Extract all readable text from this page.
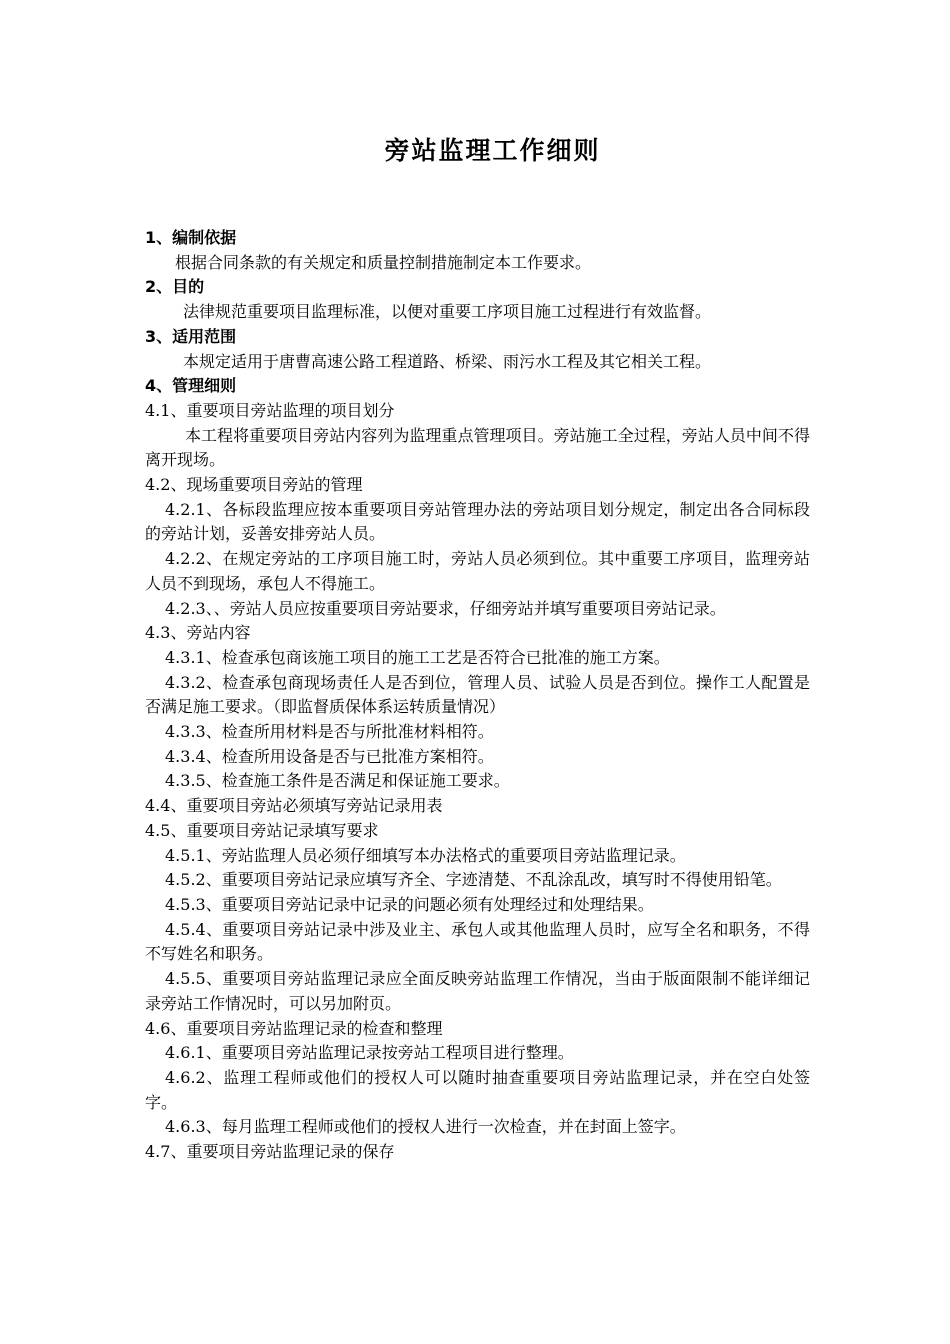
旁站监理工作细则

1、编制依据

根据合同条款的有关规定和质量控制措施制定本工作要求。

2、目的

法律规范重要项目监理标准，以便对重要工序项目施工过程进行有效监督。

3、适用范围

本规定适用于唐曹高速公路工程道路、桥梁、雨污水工程及其它相关工程。

4、管理细则

4.1、重要项目旁站监理的项目划分

本工程将重要项目旁站内容列为监理重点管理项目。旁站施工全过程，旁站人员中间不得离开现场。

4.2、现场重要项目旁站的管理

4.2.1、各标段监理应按本重要项目旁站管理办法的旁站项目划分规定，制定出各合同标段的旁站计划，妥善安排旁站人员。

4.2.2、在规定旁站的工序项目施工时，旁站人员必须到位。其中重要工序项目，监理旁站人员不到现场，承包人不得施工。

4.2.3、、旁站人员应按重要项目旁站要求，仔细旁站并填写重要项目旁站记录。

4.3、旁站内容

4.3.1、检查承包商该施工项目的施工工艺是否符合已批准的施工方案。

4.3.2、检查承包商现场责任人是否到位，管理人员、试验人员是否到位。操作工人配置是否满足施工要求。（即监督质保体系运转质量情况）

4.3.3、检查所用材料是否与所批准材料相符。

4.3.4、检查所用设备是否与已批准方案相符。

4.3.5、检查施工条件是否满足和保证施工要求。

4.4、重要项目旁站必须填写旁站记录用表

4.5、重要项目旁站记录填写要求

4.5.1、旁站监理人员必须仔细填写本办法格式的重要项目旁站监理记录。

4.5.2、重要项目旁站记录应填写齐全、字迹清楚、不乱涂乱改，填写时不得使用铅笔。

4.5.3、重要项目旁站记录中记录的问题必须有处理经过和处理结果。

4.5.4、重要项目旁站记录中涉及业主、承包人或其他监理人员时，应写全名和职务，不得不写姓名和职务。

4.5.5、重要项目旁站监理记录应全面反映旁站监理工作情况，当由于版面限制不能详细记录旁站工作情况时，可以另加附页。

4.6、重要项目旁站监理记录的检查和整理

4.6.1、重要项目旁站监理记录按旁站工程项目进行整理。

4.6.2、监理工程师或他们的授权人可以随时抽查重要项目旁站监理记录，并在空白处签字。

4.6.3、每月监理工程师或他们的授权人进行一次检查，并在封面上签字。

4.7、重要项目旁站监理记录的保存
